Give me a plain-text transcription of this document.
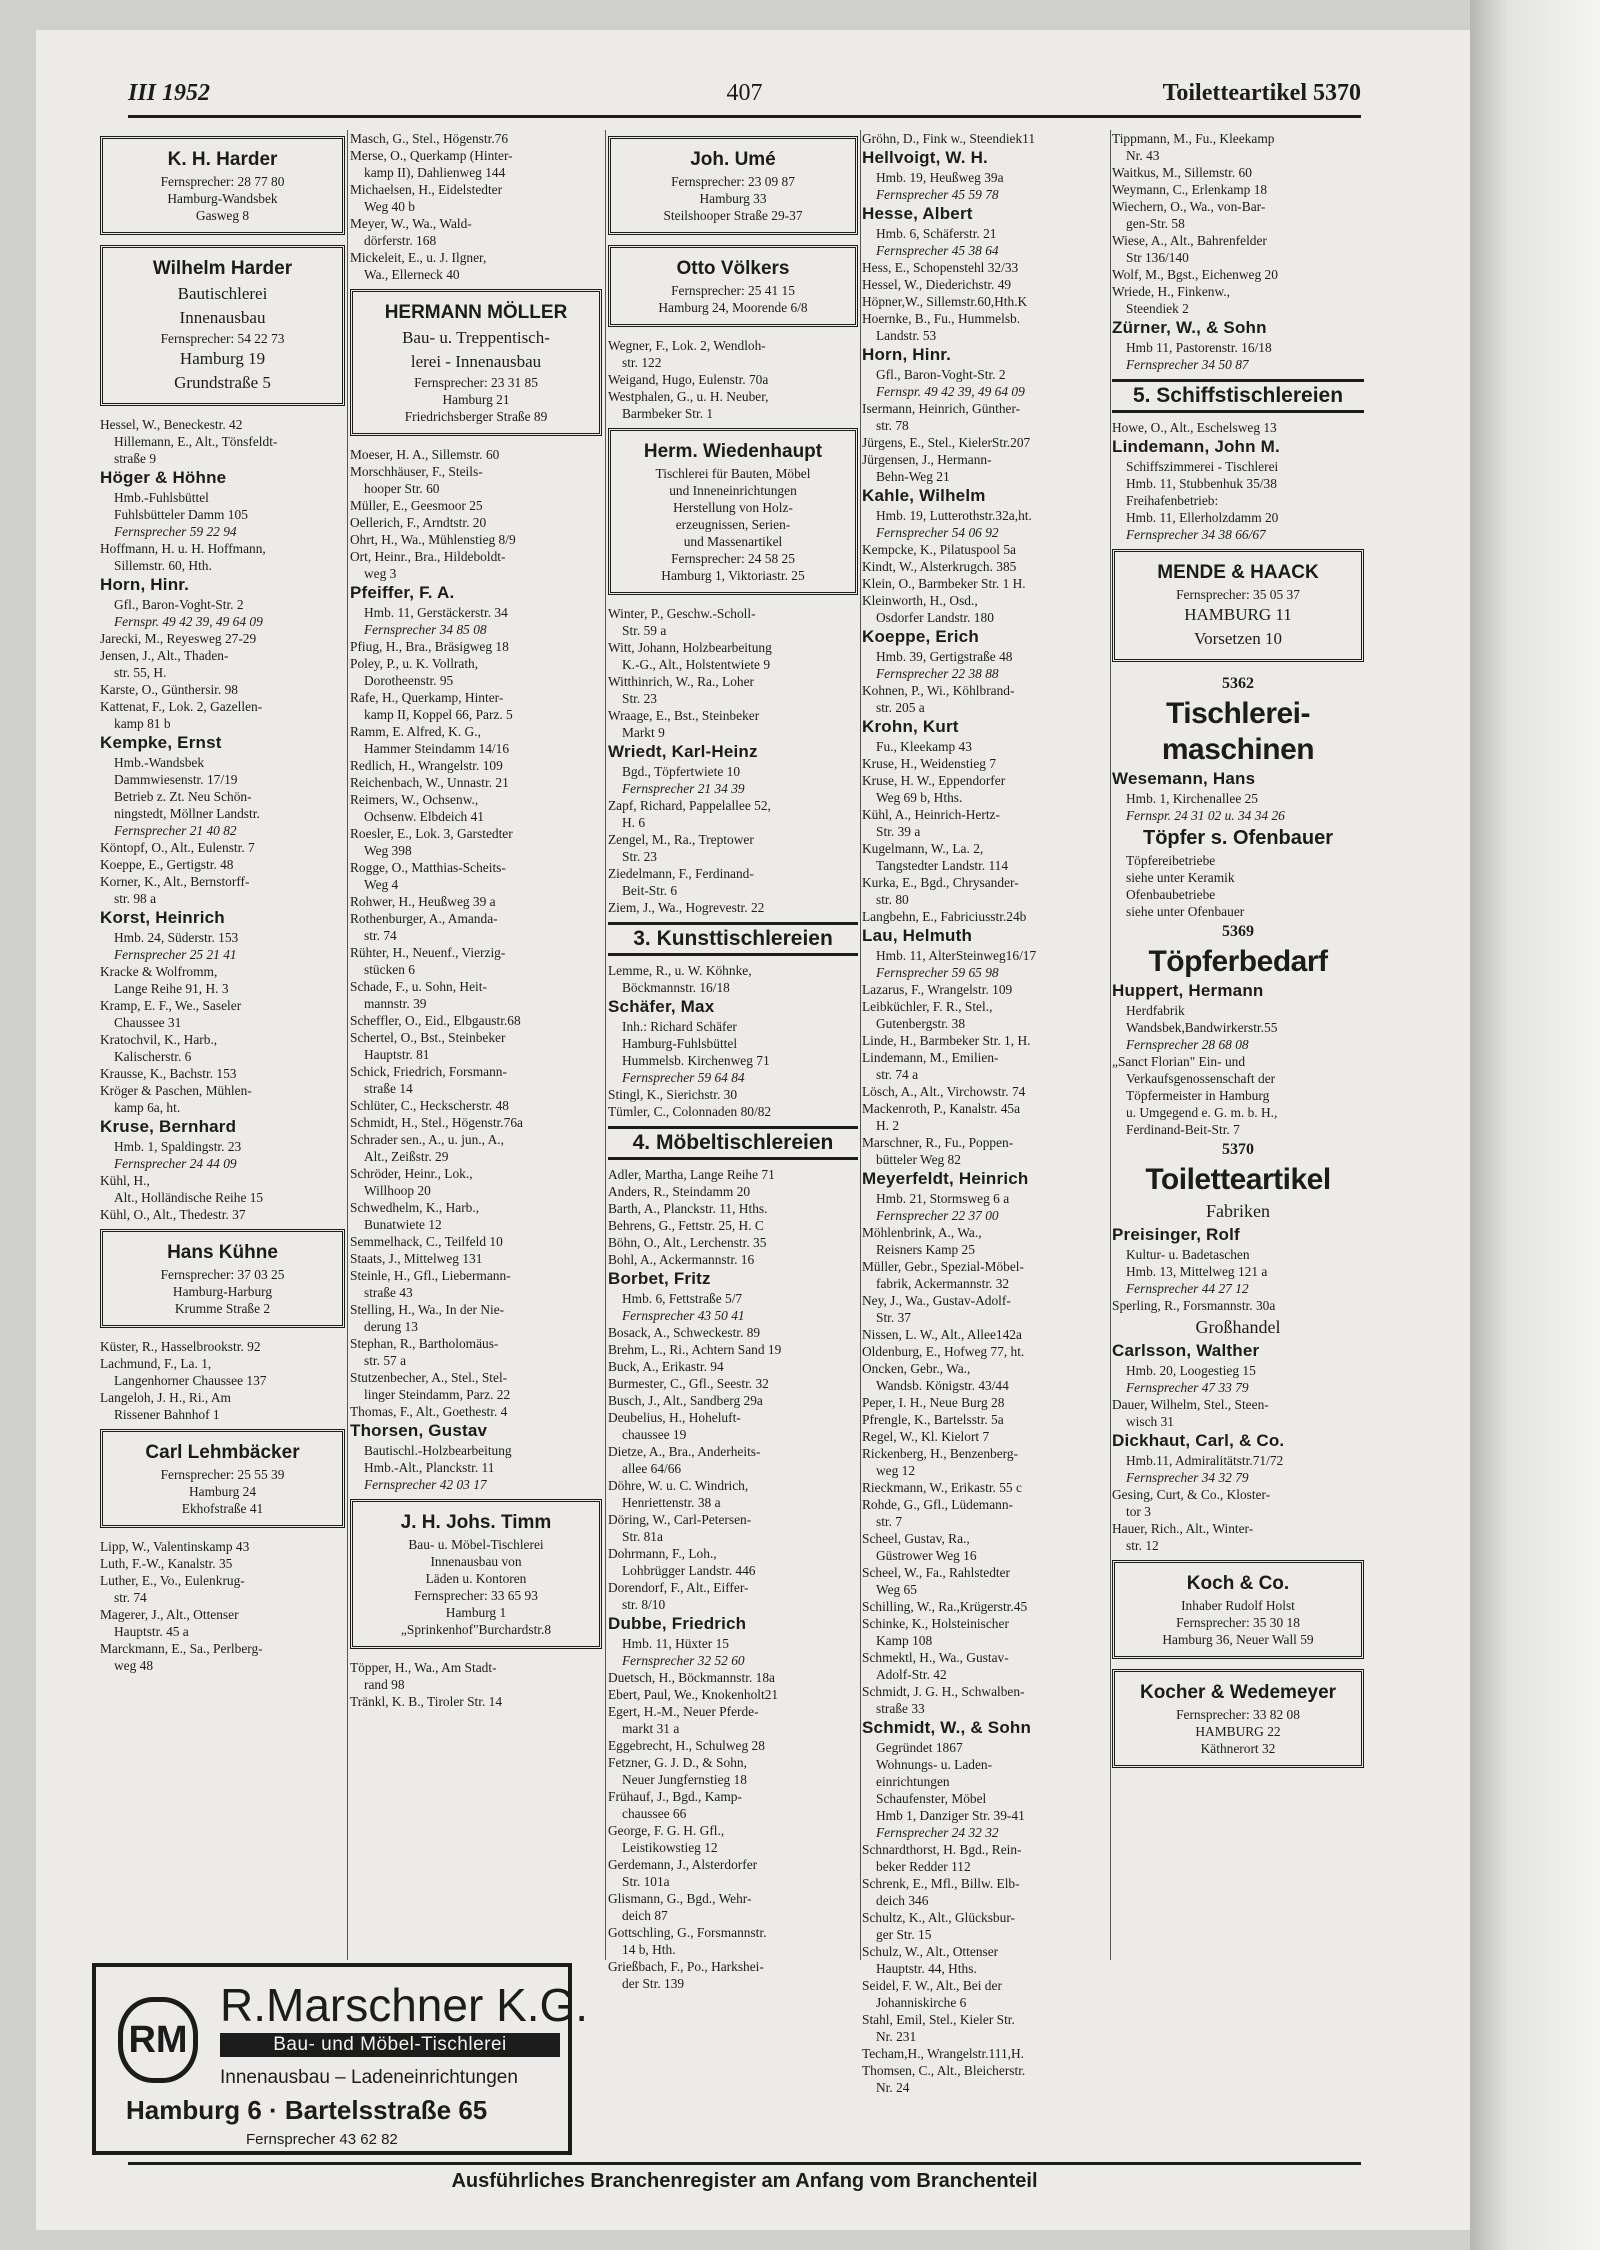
407
III 1952	Toiletteartikel 5370
K. H. Harder
Fernsprecher: 28 77 80
Hamburg-Wandsbek
Gasweg 8
Wilhelm Harder
Bautischlerei
Innenausbau
Fernsprecher: 54 22 73
Hamburg 19
Grundstraße 5
Hessel, W., Beneckestr. 42
Hillemann, E., Alt., Tönsfeldt-
straße 9
Höger & Höhne
Hmb.-Fuhlsbüttel
Fuhlsbütteler Damm 105
Fernsprecher 59 22 94
Hoffmann, H. u. H. Hoffmann,
Sillemstr. 60, Hth.
Horn, Hinr.
Gfl., Baron-Voght-Str. 2
Fernspr. 49 42 39, 49 64 09
Jarecki, M., Reyesweg 27-29
Jensen, J., Alt., Thaden-
str. 55, H.
Karste, O., Günthersir. 98
Kattenat, F., Lok. 2, Gazellen-
kamp 81 b
Kempke, Ernst
Hmb.-Wandsbek
Dammwiesenstr. 17/19
Betrieb z. Zt. Neu Schön-
ningstedt, Möllner Landstr.
Fernsprecher 21 40 82
Köntopf, O., Alt., Eulenstr. 7
Koeppe, E., Gertigstr. 48
Korner, K., Alt., Bernstorff-
str. 98 a
Korst, Heinrich
Hmb. 24, Süderstr. 153
Fernsprecher 25 21 41
Kracke & Wolfromm,
Lange Reihe 91, H. 3
Kramp, E. F., We., Saseler
Chaussee 31
Kratochvil, K., Harb.,
Kalischerstr. 6
Krausse, K., Bachstr. 153
Kröger & Paschen, Mühlen-
kamp 6a, ht.
Kruse, Bernhard
Hmb. 1, Spaldingstr. 23
Fernsprecher 24 44 09
Kühl, H.,
Alt., Holländische Reihe 15
Kühl, O., Alt., Thedestr. 37
Hans Kühne
Fernsprecher: 37 03 25
Hamburg-Harburg
Krumme Straße 2
Küster, R., Hasselbrookstr. 92
Lachmund, F., La. 1,
Langenhorner Chaussee 137
Langeloh, J. H., Ri., Am
Rissener Bahnhof 1
Carl Lehmbäcker
Fernsprecher: 25 55 39
Hamburg 24
Ekhofstraße 41
Lipp, W., Valentinskamp 43
Luth, F.-W., Kanalstr. 35
Luther, E., Vo., Eulenkrug-
str. 74
Magerer, J., Alt., Ottenser
Hauptstr. 45 a
Marckmann, E., Sa., Perlberg-
weg 48
Masch, G., Stel., Högenstr.76
Merse, O., Querkamp (Hinter-
kamp II), Dahlienweg 144
Michaelsen, H., Eidelstedter
Weg 40 b
Meyer, W., Wa., Wald-
dörferstr. 168
Mickeleit, E., u. J. Ilgner,
Wa., Ellerneck 40
HERMANN MÖLLER
Bau- u. Treppentisch-
lerei - Innenausbau
Fernsprecher: 23 31 85
Hamburg 21
Friedrichsberger Straße 89
Moeser, H. A., Sillemstr. 60
Morschhäuser, F., Steils-
hooper Str. 60
Müller, E., Geesmoor 25
Oellerich, F., Arndtstr. 20
Ohrt, H., Wa., Mühlenstieg 8/9
Ort, Heinr., Bra., Hildeboldt-
weg 3
Pfeiffer, F. A.
Hmb. 11, Gerstäckerstr. 34
Fernsprecher 34 85 08
Pfiug, H., Bra., Bräsigweg 18
Poley, P., u. K. Vollrath,
Dorotheenstr. 95
Rafe, H., Querkamp, Hinter-
kamp II, Koppel 66, Parz. 5
Ramm, E. Alfred, K. G.,
Hammer Steindamm 14/16
Redlich, H., Wrangelstr. 109
Reichenbach, W., Unnastr. 21
Reimers, W., Ochsenw.,
Ochsenw. Elbdeich 41
Roesler, E., Lok. 3, Garstedter
Weg 398
Rogge, O., Matthias-Scheits-
Weg 4
Rohwer, H., Heußweg 39 a
Rothenburger, A., Amanda-
str. 74
Rühter, H., Neuenf., Vierzig-
stücken 6
Schade, F., u. Sohn, Heit-
mannstr. 39
Scheffler, O., Eid., Elbgaustr.68
Schertel, O., Bst., Steinbeker
Hauptstr. 81
Schick, Friedrich, Forsmann-
straße 14
Schlüter, C., Heckscherstr. 48
Schmidt, H., Stel., Högenstr.76a
Schrader sen., A., u. jun., A.,
Alt., Zeißstr. 29
Schröder, Heinr., Lok.,
Willhoop 20
Schwedhelm, K., Harb.,
Bunatwiete 12
Semmelhack, C., Teilfeld 10
Staats, J., Mittelweg 131
Steinle, H., Gfl., Liebermann-
straße 43
Stelling, H., Wa., In der Nie-
derung 13
Stephan, R., Bartholomäus-
str. 57 a
Stutzenbecher, A., Stel., Stel-
linger Steindamm, Parz. 22
Thomas, F., Alt., Goethestr. 4
Thorsen, Gustav
Bautischl.-Holzbearbeitung
Hmb.-Alt., Planckstr. 11
Fernsprecher 42 03 17
J. H. Johs. Timm
Bau- u. Möbel-Tischlerei
Innenausbau von
Läden u. Kontoren
Fernsprecher: 33 65 93
Hamburg 1
„Sprinkenhof"Burchardstr.8
Töpper, H., Wa., Am Stadt-
rand 98
Tränkl, K. B., Tiroler Str. 14
Joh. Umé
Fernsprecher: 23 09 87
Hamburg 33
Steilshooper Straße 29-37
Otto Völkers
Fernsprecher: 25 41 15
Hamburg 24, Moorende 6/8
Wegner, F., Lok. 2, Wendloh-
str. 122
Weigand, Hugo, Eulenstr. 70a
Westphalen, G., u. H. Neuber,
Barmbeker Str. 1
Herm. Wiedenhaupt
Tischlerei für Bauten, Möbel
und Inneneinrichtungen
Herstellung von Holz-
erzeugnissen, Serien-
und Massenartikel
Fernsprecher: 24 58 25
Hamburg 1, Viktoriastr. 25
Winter, P., Geschw.-Scholl-
Str. 59 a
Witt, Johann, Holzbearbeitung
K.-G., Alt., Holstentwiete 9
Witthinrich, W., Ra., Loher
Str. 23
Wraage, E., Bst., Steinbeker
Markt 9
Wriedt, Karl-Heinz
Bgd., Töpfertwiete 10
Fernsprecher 21 34 39
Zapf, Richard, Pappelallee 52,
H. 6
Zengel, M., Ra., Treptower
Str. 23
Ziedelmann, F., Ferdinand-
Beit-Str. 6
Ziem, J., Wa., Hogrevestr. 22
3. Kunsttischlereien
Lemme, R., u. W. Köhnke,
Böckmannstr. 16/18
Schäfer, Max
Inh.: Richard Schäfer
Hamburg-Fuhlsbüttel
Hummelsb. Kirchenweg 71
Fernsprecher 59 64 84
Stingl, K., Sierichstr. 30
Tümler, C., Colonnaden 80/82
4. Möbeltischlereien
Adler, Martha, Lange Reihe 71
Anders, R., Steindamm 20
Barth, A., Planckstr. 11, Hths.
Behrens, G., Fettstr. 25, H. C
Böhn, O., Alt., Lerchenstr. 35
Bohl, A., Ackermannstr. 16
Borbet, Fritz
Hmb. 6, Fettstraße 5/7
Fernsprecher 43 50 41
Bosack, A., Schweckestr. 89
Brehm, L., Ri., Achtern Sand 19
Buck, A., Erikastr. 94
Burmester, C., Gfl., Seestr. 32
Busch, J., Alt., Sandberg 29a
Deubelius, H., Hoheluft-
chaussee 19
Dietze, A., Bra., Anderheits-
allee 64/66
Döhre, W. u. C. Windrich,
Henriettenstr. 38 a
Döring, W., Carl-Petersen-
Str. 81a
Dohrmann, F., Loh.,
Lohbrügger Landstr. 446
Dorendorf, F., Alt., Eiffer-
str. 8/10
Dubbe, Friedrich
Hmb. 11, Hüxter 15
Fernsprecher 32 52 60
Duetsch, H., Böckmannstr. 18a
Ebert, Paul, We., Knokenholt21
Egert, H.-M., Neuer Pferde-
markt 31 a
Eggebrecht, H., Schulweg 28
Fetzner, G. J. D., & Sohn,
Neuer Jungfernstieg 18
Frühauf, J., Bgd., Kamp-
chaussee 66
George, F. G. H. Gfl.,
Leistikowstieg 12
Gerdemann, J., Alsterdorfer
Str. 101a
Glismann, G., Bgd., Wehr-
deich 87
Gottschling, G., Forsmannstr.
14 b, Hth.
Grießbach, F., Po., Harkshei-
der Str. 139
Gröhn, D., Fink w., Steendiek11
Hellvoigt, W. H.
Hmb. 19, Heußweg 39a
Fernsprecher 45 59 78
Hesse, Albert
Hmb. 6, Schäferstr. 21
Fernsprecher 45 38 64
Hess, E., Schopenstehl 32/33
Hessel, W., Diederichstr. 49
Höpner,W., Sillemstr.60,Hth.K
Hoernke, B., Fu., Hummelsb.
Landstr. 53
Horn, Hinr.
Gfl., Baron-Voght-Str. 2
Fernspr. 49 42 39, 49 64 09
Isermann, Heinrich, Günther-
str. 78
Jürgens, E., Stel., KielerStr.207
Jürgensen, J., Hermann-
Behn-Weg 21
Kahle, Wilhelm
Hmb. 19, Lutterothstr.32a,ht.
Fernsprecher 54 06 92
Kempcke, K., Pilatuspool 5a
Kindt, W., Alsterkrugch. 385
Klein, O., Barmbeker Str. 1 H.
Kleinworth, H., Osd.,
Osdorfer Landstr. 180
Koeppe, Erich
Hmb. 39, Gertigstraße 48
Fernsprecher 22 38 88
Kohnen, P., Wi., Köhlbrand-
str. 205 a
Krohn, Kurt
Fu., Kleekamp 43
Kruse, H., Weidenstieg 7
Kruse, H. W., Eppendorfer
Weg 69 b, Hths.
Kühl, A., Heinrich-Hertz-
Str. 39 a
Kugelmann, W., La. 2,
Tangstedter Landstr. 114
Kurka, E., Bgd., Chrysander-
str. 80
Langbehn, E., Fabriciusstr.24b
Lau, Helmuth
Hmb. 11, AlterSteinweg16/17
Fernsprecher 59 65 98
Lazarus, F., Wrangelstr. 109
Leibküchler, F. R., Stel.,
Gutenbergstr. 38
Linde, H., Barmbeker Str. 1, H.
Lindemann, M., Emilien-
str. 74 a
Lösch, A., Alt., Virchowstr. 74
Mackenroth, P., Kanalstr. 45a
H. 2
Marschner, R., Fu., Poppen-
bütteler Weg 82
Meyerfeldt, Heinrich
Hmb. 21, Stormsweg 6 a
Fernsprecher 22 37 00
Möhlenbrink, A., Wa.,
Reisners Kamp 25
Müller, Gebr., Spezial-Möbel-
fabrik, Ackermannstr. 32
Ney, J., Wa., Gustav-Adolf-
Str. 37
Nissen, L. W., Alt., Allee142a
Oldenburg, E., Hofweg 77, ht.
Oncken, Gebr., Wa.,
Wandsb. Königstr. 43/44
Peper, I. H., Neue Burg 28
Pfrengle, K., Bartelsstr. 5a
Regel, W., Kl. Kielort 7
Rickenberg, H., Benzenberg-
weg 12
Rieckmann, W., Erikastr. 55 c
Rohde, G., Gfl., Lüdemann-
str. 7
Scheel, Gustav, Ra.,
Güstrower Weg 16
Scheel, W., Fa., Rahlstedter
Weg 65
Schilling, W., Ra.,Krügerstr.45
Schinke, K., Holsteinischer
Kamp 108
Schmektl, H., Wa., Gustav-
Adolf-Str. 42
Schmidt, J. G. H., Schwalben-
straße 33
Schmidt, W., & Sohn
Gegründet 1867
Wohnungs- u. Laden-
einrichtungen
Schaufenster, Möbel
Hmb 1, Danziger Str. 39-41
Fernsprecher 24 32 32
Schnardthorst, H. Bgd., Rein-
beker Redder 112
Schrenk, E., Mfl., Billw. Elb-
deich 346
Schultz, K., Alt., Glücksbur-
ger Str. 15
Schulz, W., Alt., Ottenser
Hauptstr. 44, Hths.
Seidel, F. W., Alt., Bei der
Johanniskirche 6
Stahl, Emil, Stel., Kieler Str.
Nr. 231
Techam,H., Wrangelstr.111,H.
Thomsen, C., Alt., Bleicherstr.
Nr. 24
Tippmann, M., Fu., Kleekamp
Nr. 43
Waitkus, M., Sillemstr. 60
Weymann, C., Erlenkamp 18
Wiechern, O., Wa., von-Bar-
gen-Str. 58
Wiese, A., Alt., Bahrenfelder
Str 136/140
Wolf, M., Bgst., Eichenweg 20
Wriede, H., Finkenw.,
Steendiek 2
Zürner, W., & Sohn
Hmb 11, Pastorenstr. 16/18
Fernsprecher 34 50 87
5. Schiffstischlereien
Howe, O., Alt., Eschelsweg 13
Lindemann, John M.
Schiffszimmerei - Tischlerei
Hmb. 11, Stubbenhuk 35/38
Freihafenbetrieb:
Hmb. 11, Ellerholzdamm 20
Fernsprecher 34 38 66/67
MENDE & HAACK
Fernsprecher: 35 05 37
HAMBURG 11
Vorsetzen 10
5362
Tischlerei-
maschinen
Wesemann, Hans
Hmb. 1, Kirchenallee 25
Fernspr. 24 31 02 u. 34 34 26
Töpfer s. Ofenbauer
Töpfereibetriebe
siehe unter Keramik
Ofenbaubetriebe
siehe unter Ofenbauer
5369
Töpferbedarf
Huppert, Hermann
Herdfabrik
Wandsbek,Bandwirkerstr.55
Fernsprecher 28 68 08
„Sanct Florian" Ein- und
Verkaufsgenossenschaft der
Töpfermeister in Hamburg
u. Umgegend e. G. m. b. H.,
Ferdinand-Beit-Str. 7
5370
Toiletteartikel
Fabriken
Preisinger, Rolf
Kultur- u. Badetaschen
Hmb. 13, Mittelweg 121 a
Fernsprecher 44 27 12
Sperling, R., Forsmannstr. 30a
Großhandel
Carlsson, Walther
Hmb. 20, Loogestieg 15
Fernsprecher 47 33 79
Dauer, Wilhelm, Stel., Steen-
wisch 31
Dickhaut, Carl, & Co.
Hmb.11, Admiralitätstr.71/72
Fernsprecher 34 32 79
Gesing, Curt, & Co., Kloster-
tor 3
Hauer, Rich., Alt., Winter-
str. 12
Koch & Co.
Inhaber Rudolf Holst
Fernsprecher: 35 30 18
Hamburg 36, Neuer Wall 59
Kocher & Wedemeyer
Fernsprecher: 33 82 08
HAMBURG 22
Käthnerort 32
RM
R.Marschner K.G.
Bau- und Möbel-Tischlerei
Innenausbau – Ladeneinrichtungen
Hamburg 6 · Bartelsstraße 65
Fernsprecher 43 62 82
Ausführliches Branchenregister am Anfang vom Branchenteil
